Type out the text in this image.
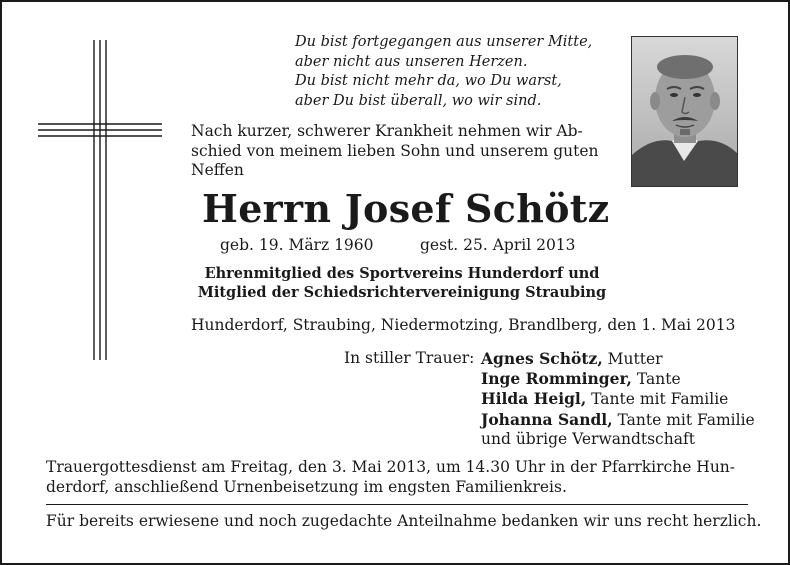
Du bist fortgegangen aus unserer Mitte,
aber nicht aus unseren Herzen.
Du bist nicht mehr da, wo Du warst,
aber Du bist überall, wo wir sind.
Nach kurzer, schwerer Krankheit nehmen wir Ab-
schied von meinem lieben Sohn und unserem guten
Neffen
Herrn Josef Schötz
geb. 19. März 1960	gest. 25. April 2013
Ehrenmitglied des Sportvereins Hunderdorf und
Mitglied der Schiedsrichtervereinigung Straubing
Hunderdorf, Straubing, Niedermotzing, Brandlberg, den 1. Mai 2013
In stiller Trauer: Agnes Schötz, Mutter
Inge Romminger, Tante
Hilda Heigl, Tante mit Familie
Johanna Sandl, Tante mit Familie
und übrige Verwandtschaft
Trauergottesdienst am Freitag, den 3. Mai 2013, um 14.30 Uhr in der Pfarrkirche Hun-
derdorf, anschließend Urnenbeisetzung im engsten Familienkreis.
Für bereits erwiesene und noch zugedachte Anteilnahme bedanken wir uns recht herzlich.
